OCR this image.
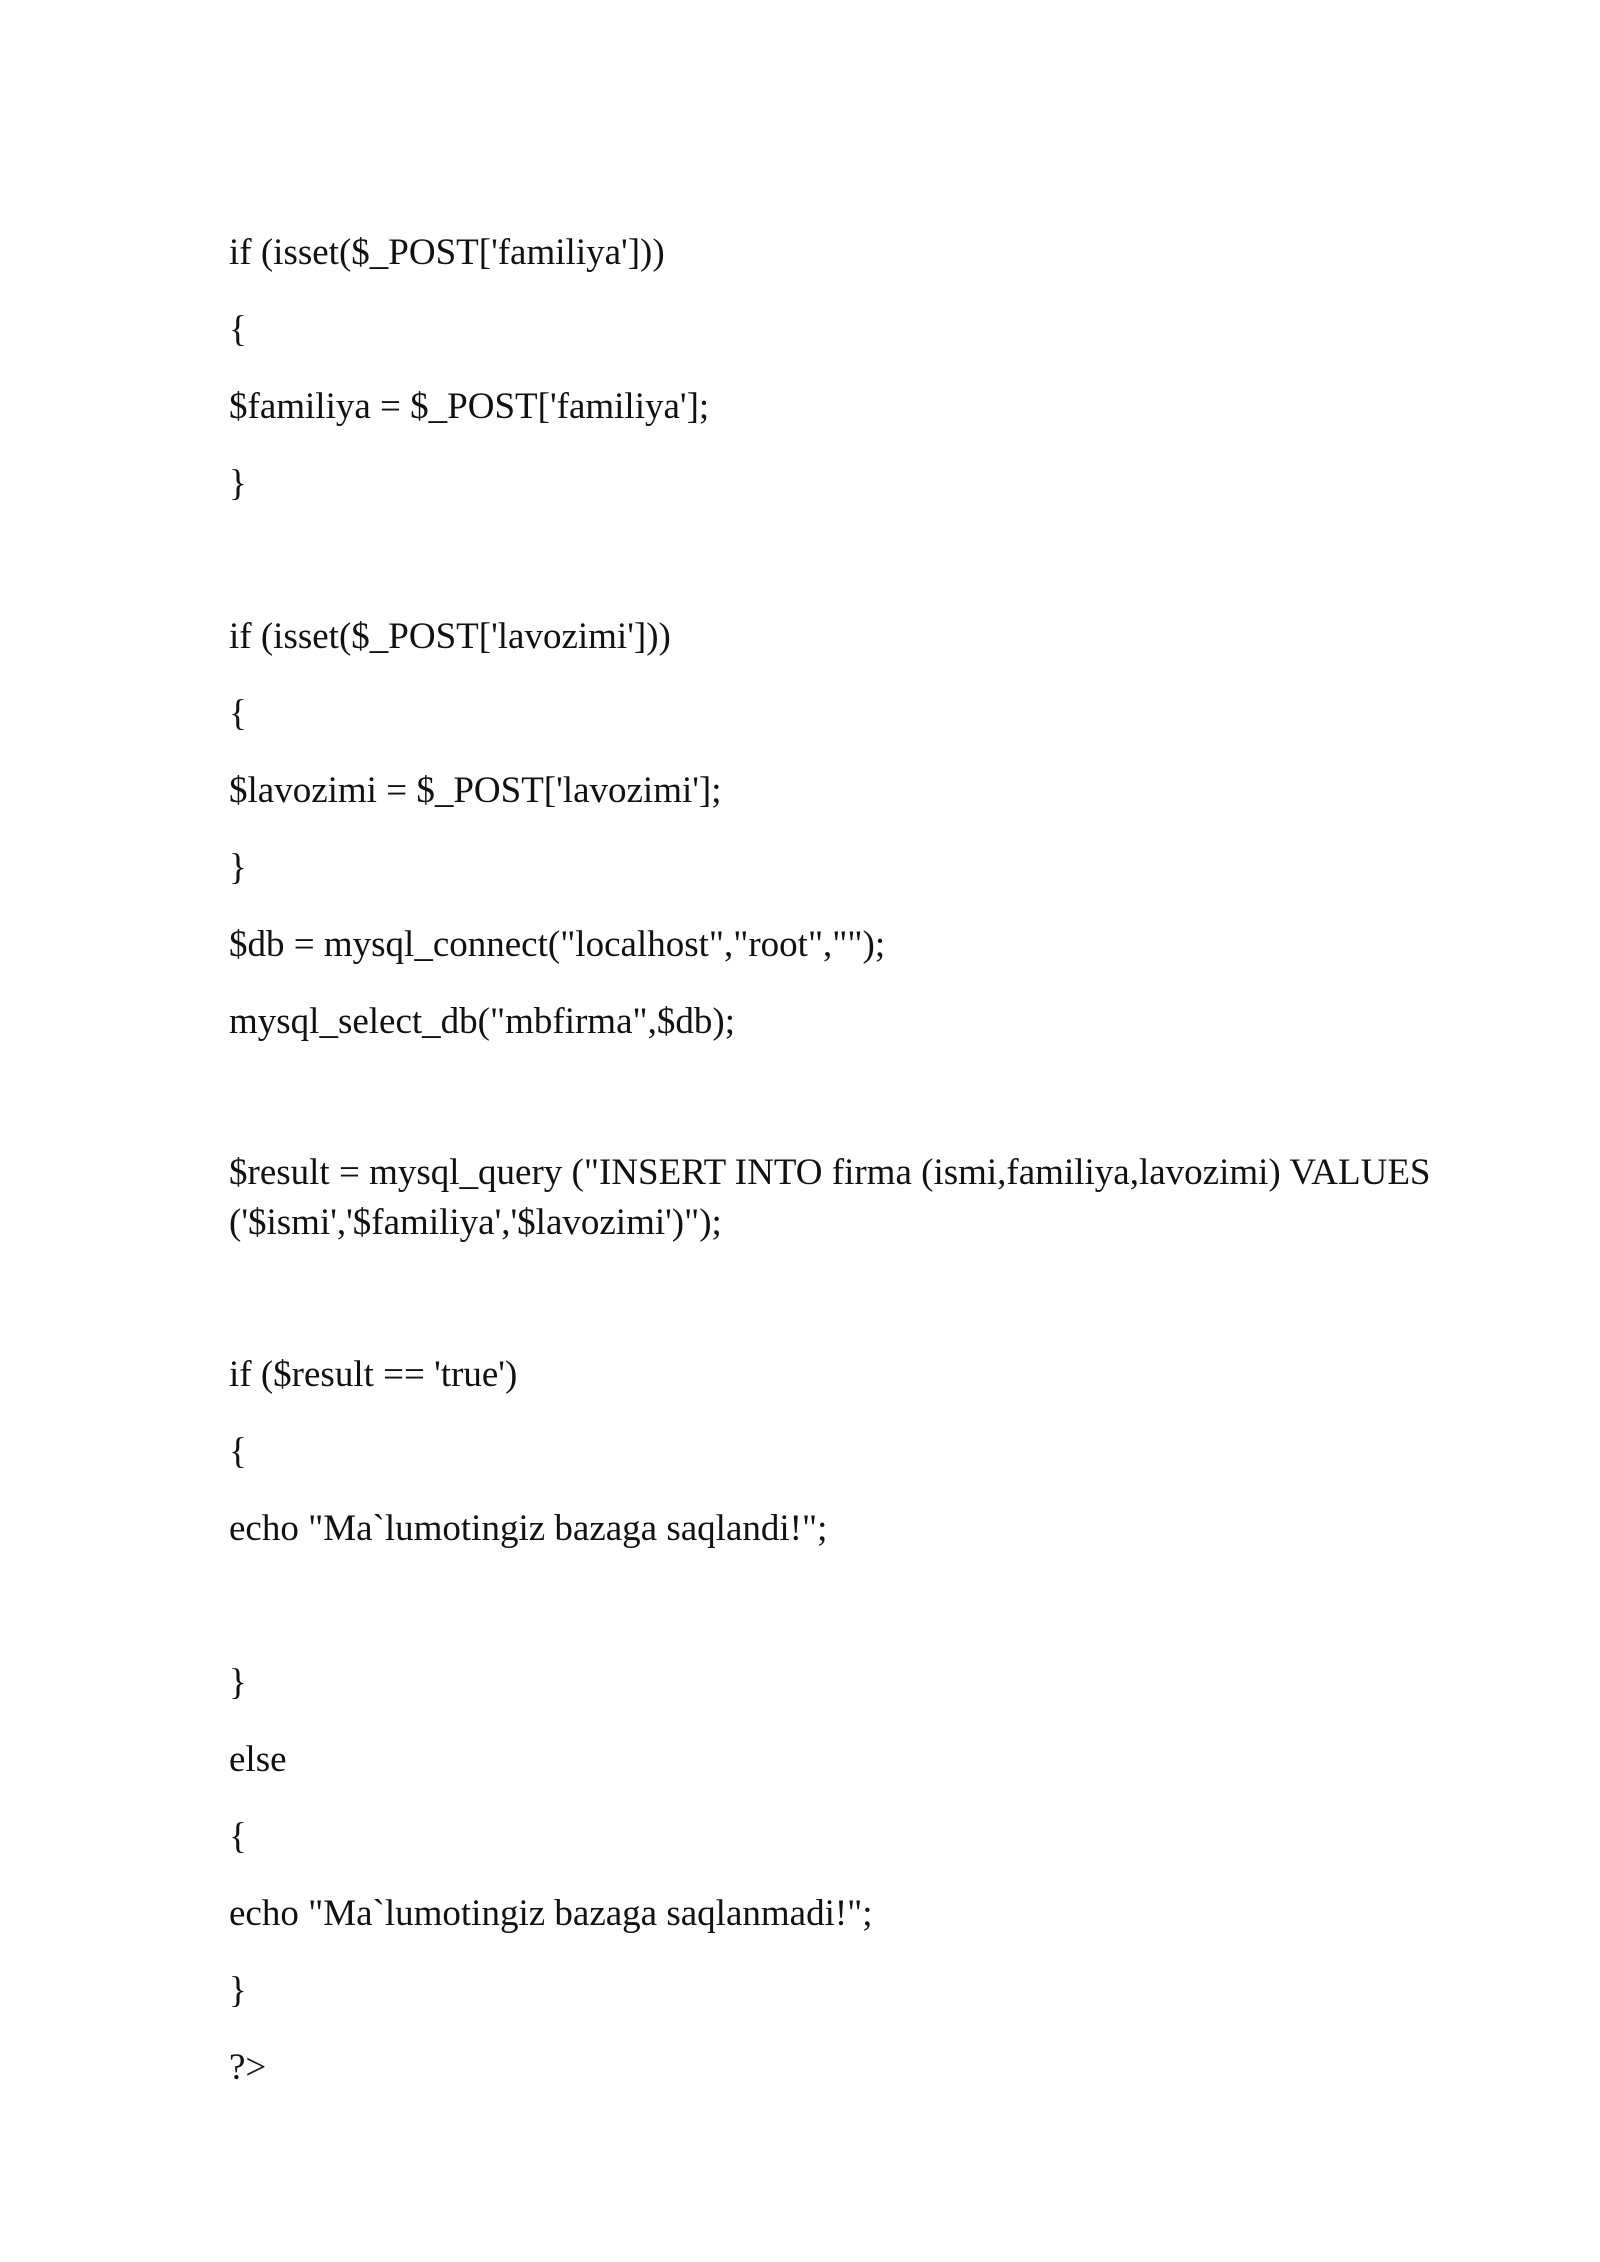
if (isset($_POST['familiya']))

{

$familiya = $_POST['familiya'];

}

if (isset($_POST['lavozimi']))

{

$lavozimi = $_POST['lavozimi'];

}

$db = mysql_connect("localhost","root","");

mysql_select_db("mbfirma",$db);

$result = mysql_query ("INSERT INTO firma (ismi,familiya,lavozimi) VALUES

('$ismi','$familiya','$lavozimi')");

if ($result == 'true')

{

echo "Ma`lumotingiz bazaga saqlandi!";

}

else

{

echo "Ma`lumotingiz bazaga saqlanmadi!";

}

?>
